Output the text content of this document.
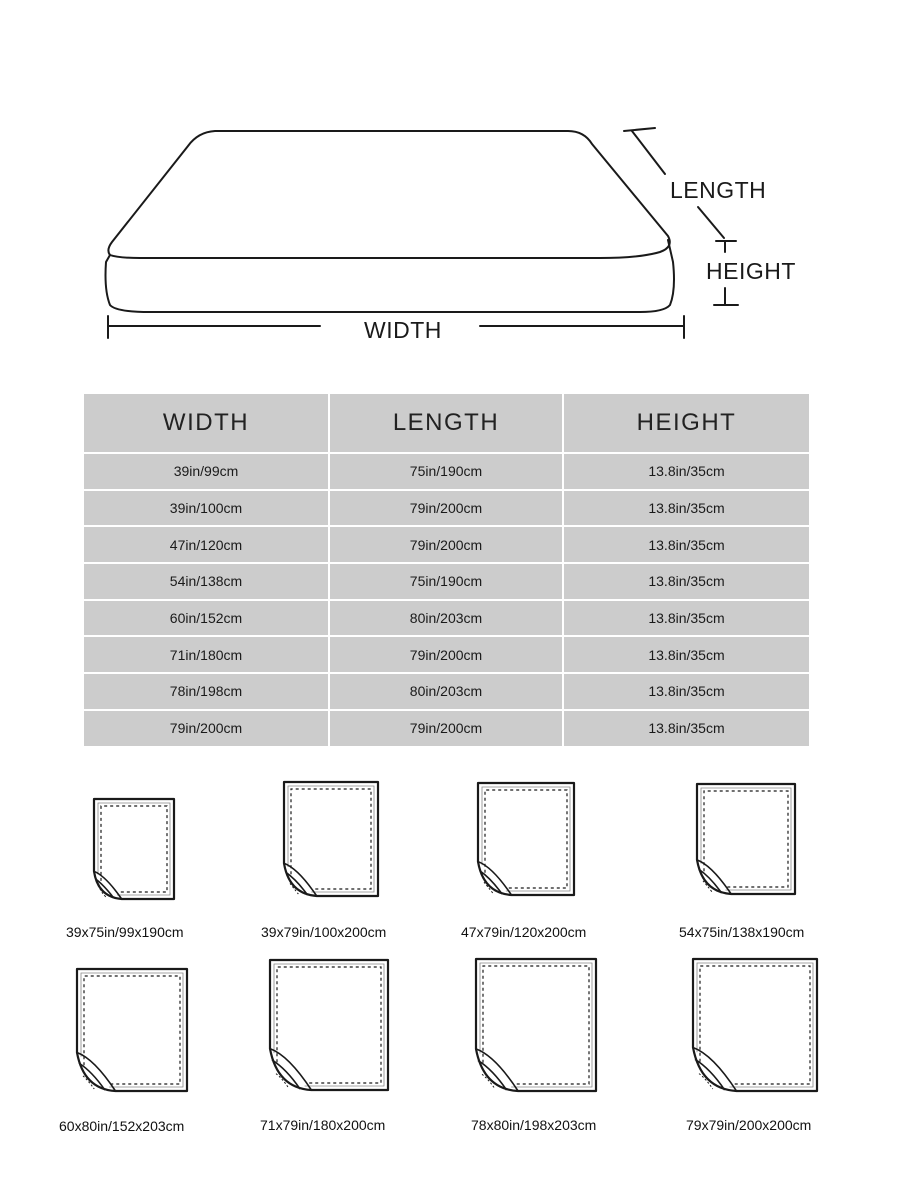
LENGTH
HEIGHT
WIDTH
WIDTH	LENGTH	HEIGHT
39in/99cm	75in/190cm	13.8in/35cm
39in/100cm	79in/200cm	13.8in/35cm
47in/120cm	79in/200cm	13.8in/35cm
54in/138cm	75in/190cm	13.8in/35cm
60in/152cm	80in/203cm	13.8in/35cm
71in/180cm	79in/200cm	13.8in/35cm
78in/198cm	80in/203cm	13.8in/35cm
79in/200cm	79in/200cm	13.8in/35cm
39x75in/99x190cm	39x79in/100x200cm	47x79in/120x200cm	54x75in/138x190cm
60x80in/152x203cm	71x79in/180x200cm	78x80in/198x203cm	79x79in/200x200cm
